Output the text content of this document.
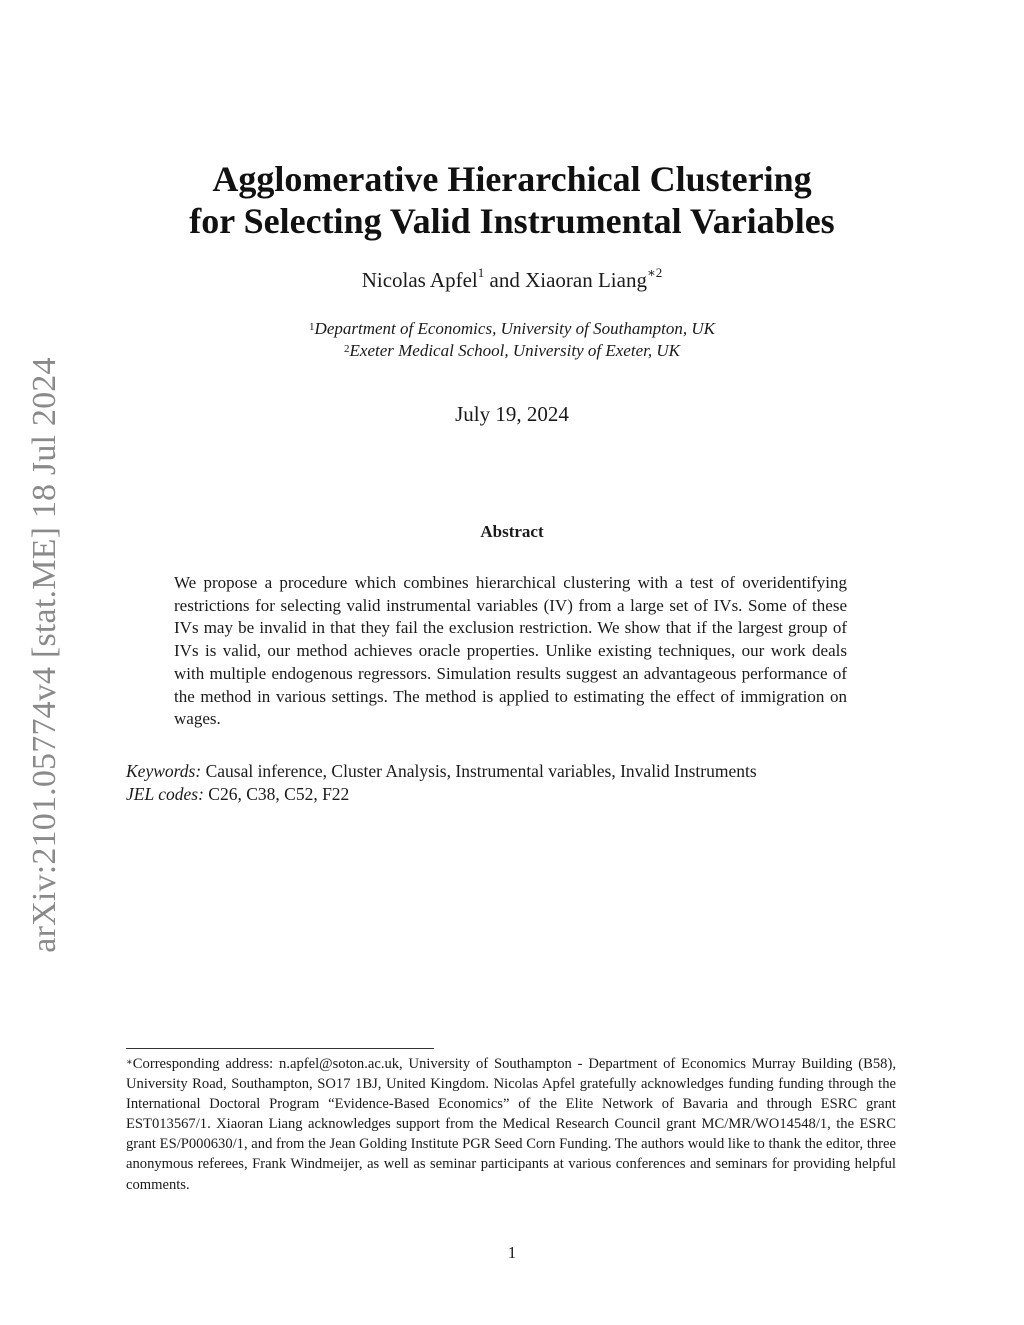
arXiv:2101.05774v4 [stat.ME] 18 Jul 2024
Agglomerative Hierarchical Clustering
for Selecting Valid Instrumental Variables
Nicolas Apfel$^1$ and Xiaoran Liang$^{∗2}$
$^1$Department of Economics, University of Southampton, UK
$^2$Exeter Medical School, University of Exeter, UK
July 19, 2024
Abstract
We propose a procedure which combines hierarchical clustering with a test of overidentifying restrictions for selecting valid instrumental variables (IV) from a large set of IVs. Some of these IVs may be invalid in that they fail the exclusion restriction. We show that if the largest group of IVs is valid, our method achieves oracle properties. Unlike existing techniques, our work deals with multiple endogenous regressors. Simulation results suggest an advantageous performance of the method in various settings. The method is applied to estimating the effect of immigration on wages.
Keywords: Causal inference, Cluster Analysis, Instrumental variables, Invalid Instruments
JEL codes: C26, C38, C52, F22
∗Corresponding address: n.apfel@soton.ac.uk, University of Southampton - Department of Economics Murray Building (B58), University Road, Southampton, SO17 1BJ, United Kingdom. Nicolas Apfel gratefully acknowledges funding funding through the International Doctoral Program “Evidence-Based Economics” of the Elite Network of Bavaria and through ESRC grant EST013567/1. Xiaoran Liang acknowledges support from the Medical Research Council grant MC/MR/WO14548/1, the ESRC grant ES/P000630/1, and from the Jean Golding Institute PGR Seed Corn Funding. The authors would like to thank the editor, three anonymous referees, Frank Windmeijer, as well as seminar participants at various conferences and seminars for providing helpful comments.
1
